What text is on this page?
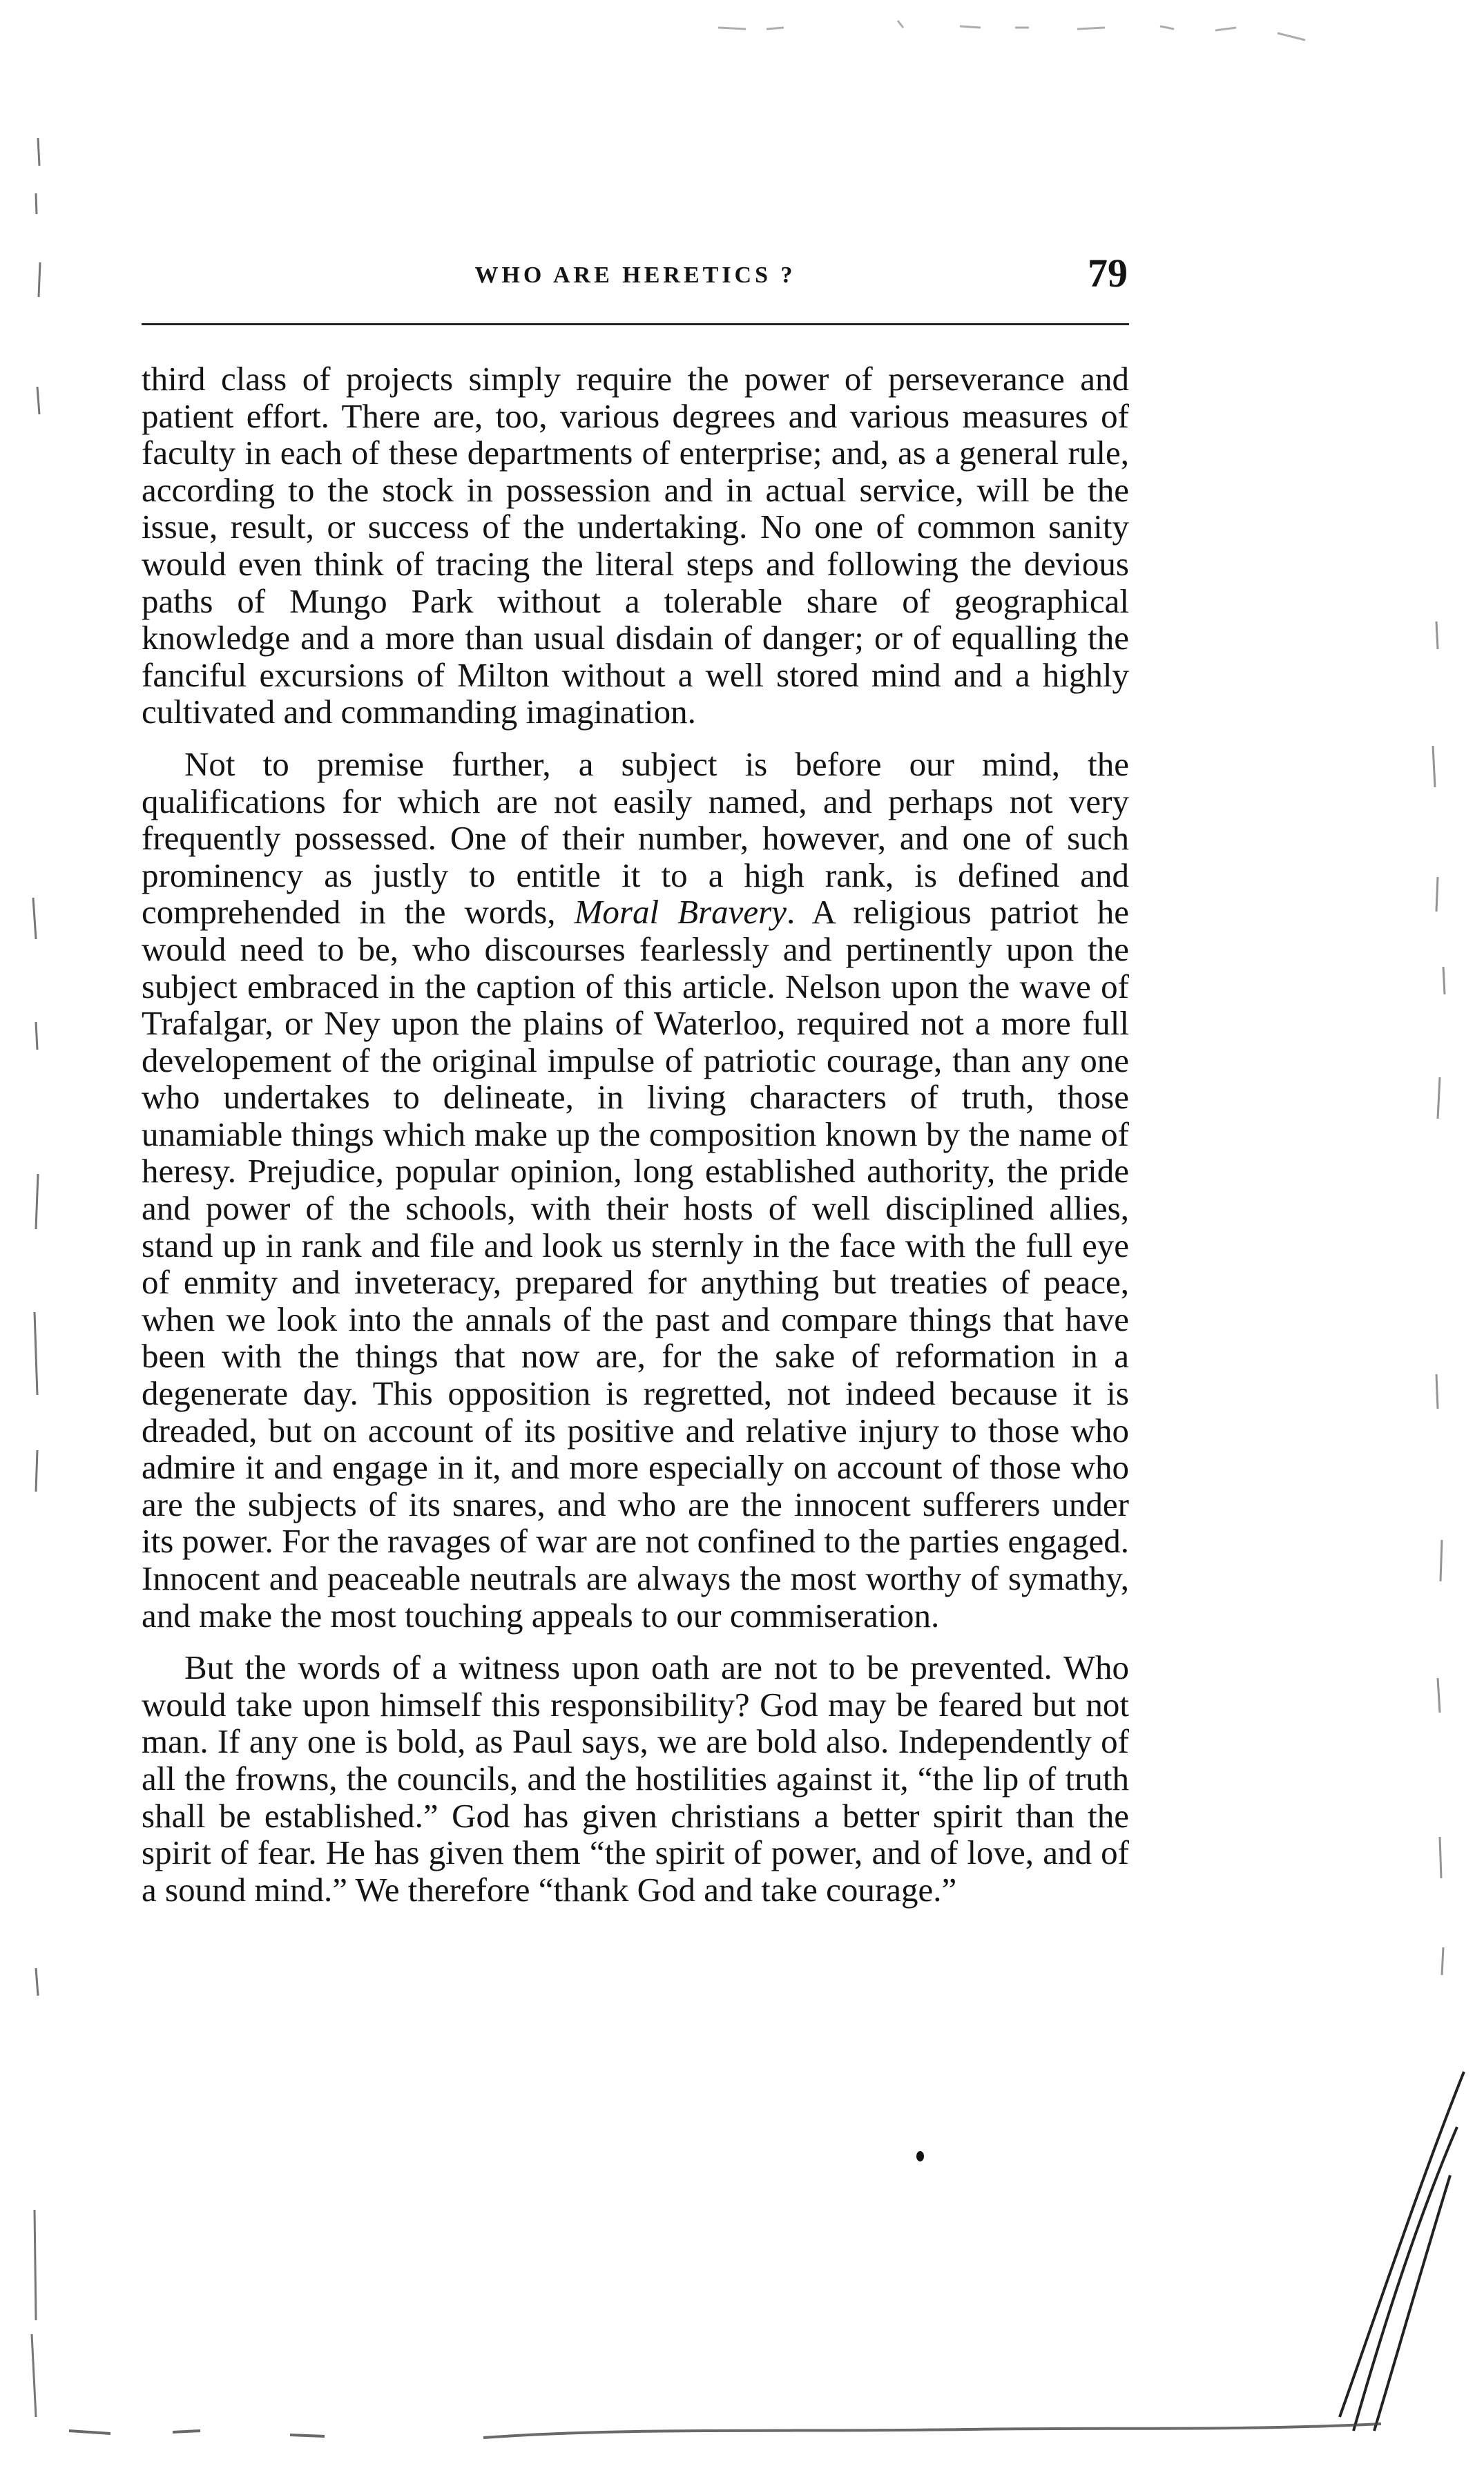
WHO ARE HERETICS ?	79

third class of projects simply require the power of perseverance and patient effort. There are, too, various degrees and various measures of faculty in each of these departments of enterprise; and, as a general rule, according to the stock in possession and in actual service, will be the issue, result, or success of the undertaking. No one of common sanity would even think of tracing the literal steps and following the devious paths of Mungo Park without a tolerable share of geographical knowledge and a more than usual disdain of danger; or of equalling the fanciful excursions of Milton without a well stored mind and a highly cultivated and commanding imagination.

Not to premise further, a subject is before our mind, the qualifications for which are not easily named, and perhaps not very frequently possessed. One of their number, however, and one of such prominency as justly to entitle it to a high rank, is defined and comprehended in the words, Moral Bravery. A religious patriot he would need to be, who discourses fearlessly and pertinently upon the subject embraced in the caption of this article. Nelson upon the wave of Trafalgar, or Ney upon the plains of Waterloo, required not a more full developement of the original impulse of patriotic courage, than any one who undertakes to delineate, in living characters of truth, those unamiable things which make up the composition known by the name of heresy. Prejudice, popular opinion, long established authority, the pride and power of the schools, with their hosts of well disciplined allies, stand up in rank and file and look us sternly in the face with the full eye of enmity and inveteracy, prepared for anything but treaties of peace, when we look into the annals of the past and compare things that have been with the things that now are, for the sake of reformation in a degenerate day. This opposition is regretted, not indeed because it is dreaded, but on account of its positive and relative injury to those who admire it and engage in it, and more especially on account of those who are the subjects of its snares, and who are the innocent sufferers under its power. For the ravages of war are not confined to the parties engaged. Innocent and peaceable neutrals are always the most worthy of symathy, and make the most touching appeals to our commiseration.

But the words of a witness upon oath are not to be prevented. Who would take upon himself this responsibility? God may be feared but not man. If any one is bold, as Paul says, we are bold also. Independently of all the frowns, the councils, and the hostilities against it, “the lip of truth shall be established.” God has given christians a better spirit than the spirit of fear. He has given them “the spirit of power, and of love, and of a sound mind.” We therefore “thank God and take courage.”
